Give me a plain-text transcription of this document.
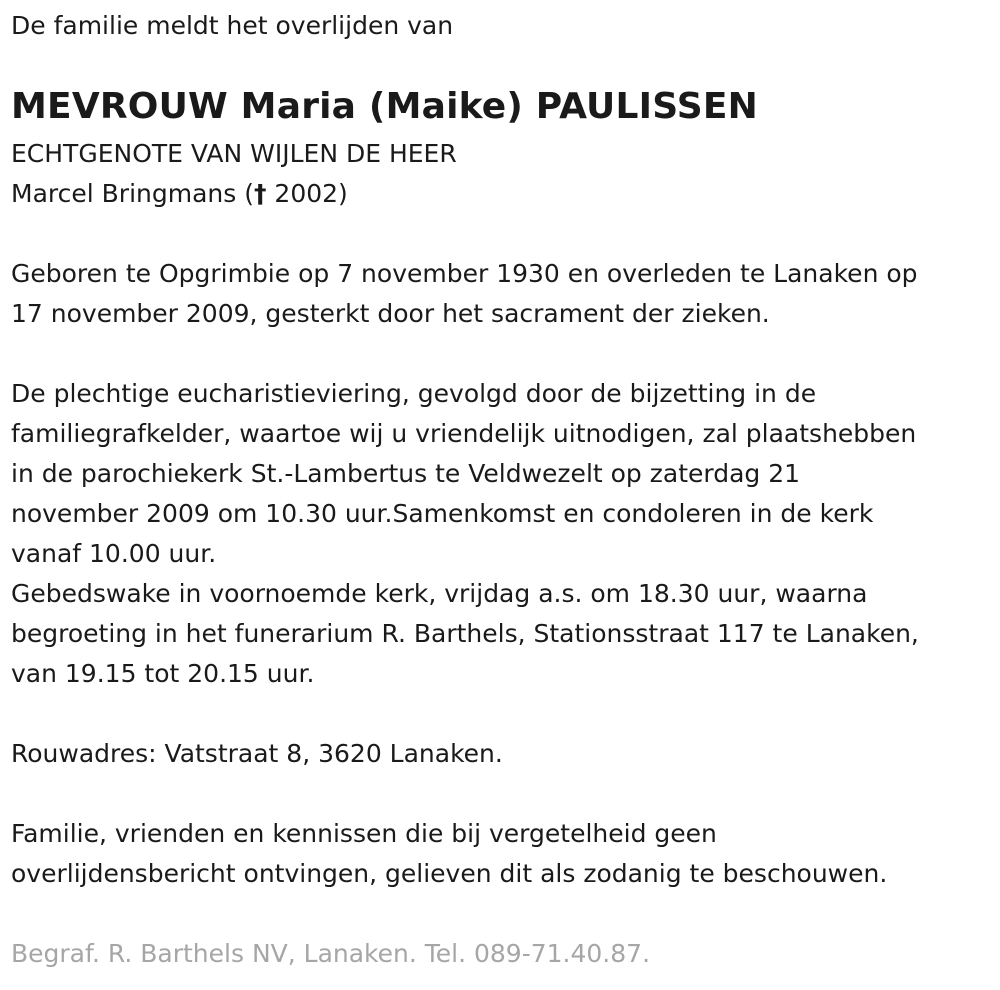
De familie meldt het overlijden van

MEVROUW Maria (Maike) PAULISSEN

ECHTGENOTE VAN WIJLEN DE HEER

Marcel Bringmans († 2002)

Geboren te Opgrimbie op 7 november 1930 en overleden te Lanaken op

17 november 2009, gesterkt door het sacrament der zieken.

De plechtige eucharistieviering, gevolgd door de bijzetting in de

familiegrafkelder, waartoe wij u vriendelijk uitnodigen, zal plaatshebben

in de parochiekerk St.-Lambertus te Veldwezelt op zaterdag 21

november 2009 om 10.30 uur.Samenkomst en condoleren in de kerk

vanaf 10.00 uur.

Gebedswake in voornoemde kerk, vrijdag a.s. om 18.30 uur, waarna

begroeting in het funerarium R. Barthels, Stationsstraat 117 te Lanaken,

van 19.15 tot 20.15 uur.

Rouwadres: Vatstraat 8, 3620 Lanaken.

Familie, vrienden en kennissen die bij vergetelheid geen

overlijdensbericht ontvingen, gelieven dit als zodanig te beschouwen.

Begraf. R. Barthels NV, Lanaken. Tel. 089-71.40.87.
